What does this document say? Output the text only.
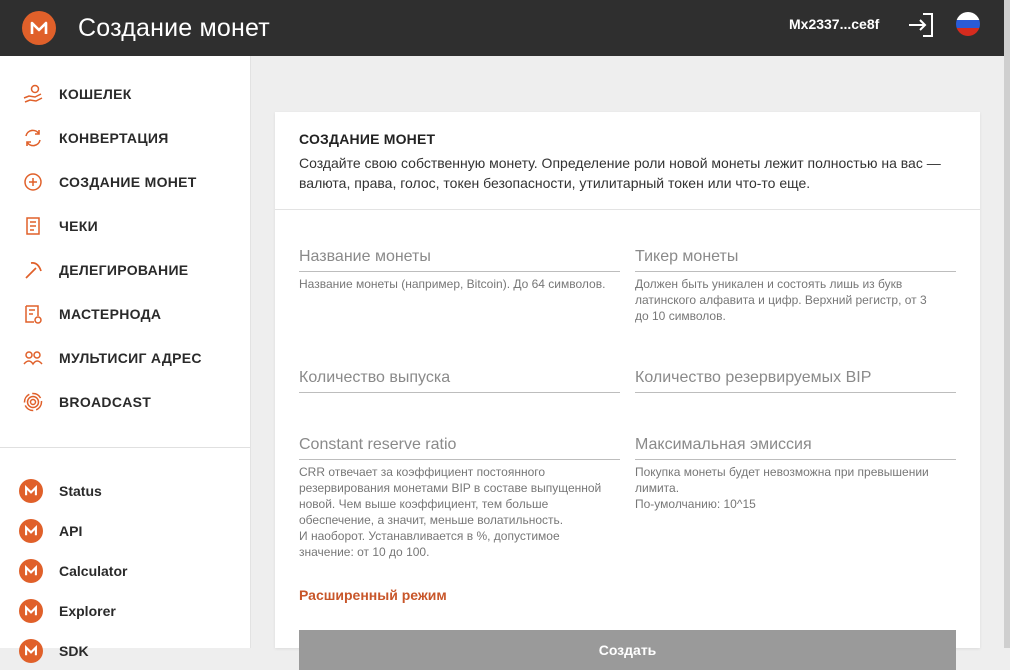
Создание монет	Mx2337...ce8f
КОШЕЛЕК
КОНВЕРТАЦИЯ
СОЗДАНИЕ МОНЕТ
ЧЕКИ
ДЕЛЕГИРОВАНИЕ
МАСТЕРНОДА
МУЛЬТИСИГ АДРЕС
BROADCAST
Status
API
Calculator
Explorer
SDK
СОЗДАНИЕ МОНЕТ
Создайте свою собственную монету. Определение роли новой монеты лежит полностью на вас — валюта, права, голос, токен безопасности, утилитарный токен или что-то еще.
Название монеты
Название монеты (например, Bitcoin). До 64 символов.
Тикер монеты	Должен быть уникален и состоять лишь из букв
латинского алфавита и цифр. Верхний регистр, от 3
до 10 символов.
Количество выпуска
Количество резервируемых BIP
Constant reserve ratio
CRR отвечает за коэффициент постоянного
резервирования монетами BIP в составе выпущенной
новой. Чем выше коэффициент, тем больше
обеспечение, а значит, меньше волатильность.
И наоборот. Устанавливается в %, допустимое
значение: от 10 до 100.
Максимальная эмиссия
Покупка монеты будет невозможна при превышении
лимита.
По-умолчанию: 10^15
Расширенный режим
Создать
